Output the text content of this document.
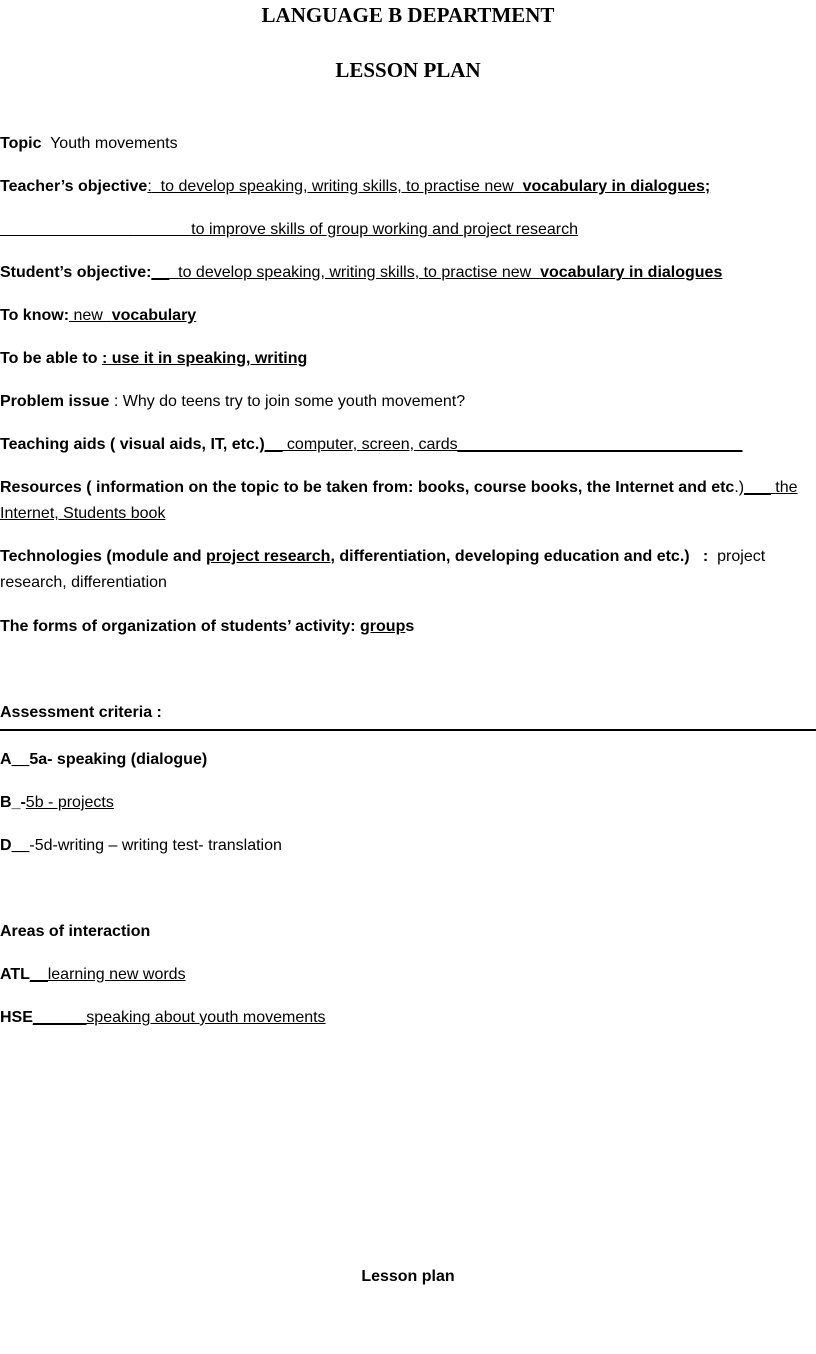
LANGUAGE B DEPARTMENT
LESSON PLAN
Topic Youth movements
Teacher’s objective:  to develop speaking, writing skills, to practise new  vocabulary in dialogues;
to improve skills of group working and project research
Student’s objective:__  to develop speaking, writing skills, to practise new  vocabulary in dialogues
To know: new  vocabulary
To be able to : use it in speaking, writing
Problem issue : Why do teens try to join some youth movement?
Teaching aids ( visual aids, IT, etc.)__ computer, screen, cards________________________________
Resources ( information on the topic to be taken from: books, course books, the Internet and etc.)___ the Internet, Students book
Technologies (module and project research, differentiation, developing education and etc.)   :  project research, differentiation
The forms of organization of students’ activity: groups
Assessment criteria :
A__5a- speaking (dialogue)
B_-5b - projects
D__-5d-writing – writing test- translation
Areas of interaction
ATL__learning new words
HSE______speaking about youth movements
Lesson plan
